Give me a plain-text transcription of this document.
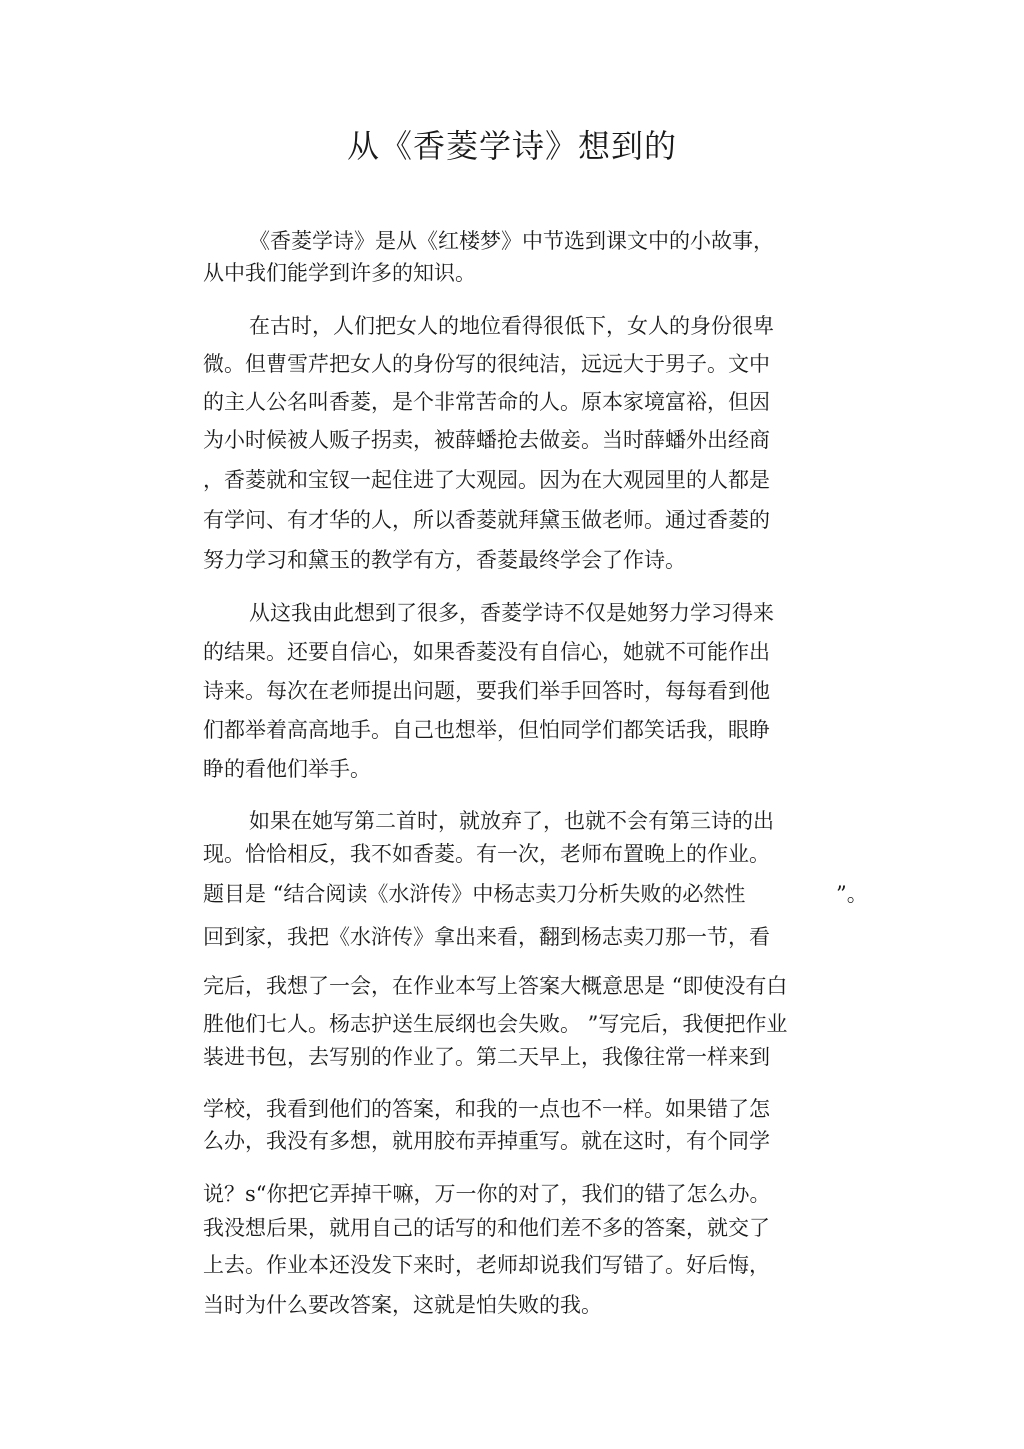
从《香菱学诗》想到的
《香菱学诗》是从《红楼梦》中节选到课文中的小故事，
从中我们能学到许多的知识。
在古时，人们把女人的地位看得很低下，女人的身份很卑
微。但曹雪芹把女人的身份写的很纯洁，远远大于男子。文中
的主人公名叫香菱，是个非常苦命的人。原本家境富裕，但因
为小时候被人贩子拐卖，被薛蟠抢去做妾。当时薛蟠外出经商
，香菱就和宝钗一起住进了大观园。因为在大观园里的人都是
有学问、有才华的人，所以香菱就拜黛玉做老师。通过香菱的
努力学习和黛玉的教学有方，香菱最终学会了作诗。
从这我由此想到了很多，香菱学诗不仅是她努力学习得来
的结果。还要自信心，如果香菱没有自信心，她就不可能作出
诗来。每次在老师提出问题，要我们举手回答时，每每看到他
们都举着高高地手。自己也想举，但怕同学们都笑话我，眼睁
睁的看他们举手。
如果在她写第二首时，就放弃了，也就不会有第三诗的出
现。恰恰相反，我不如香菱。有一次，老师布置晚上的作业。
题目是 “结合阅读《水浒传》中杨志卖刀分析失败的必然性	”。
回到家，我把《水浒传》拿出来看，翻到杨志卖刀那一节，看
完后，我想了一会，在作业本写上答案大概意思是 “即使没有白
胜他们七人。杨志护送生辰纲也会失败。 ”写完后，我便把作业
装进书包，去写别的作业了。第二天早上，我像往常一样来到
学校，我看到他们的答案，和我的一点也不一样。如果错了怎
么办，我没有多想，就用胶布弄掉重写。就在这时，有个同学
说？s“你把它弄掉干嘛，万一你的对了，我们的错了怎么办。
我没想后果，就用自己的话写的和他们差不多的答案，就交了
上去。作业本还没发下来时，老师却说我们写错了。好后悔，
当时为什么要改答案，这就是怕失败的我。
